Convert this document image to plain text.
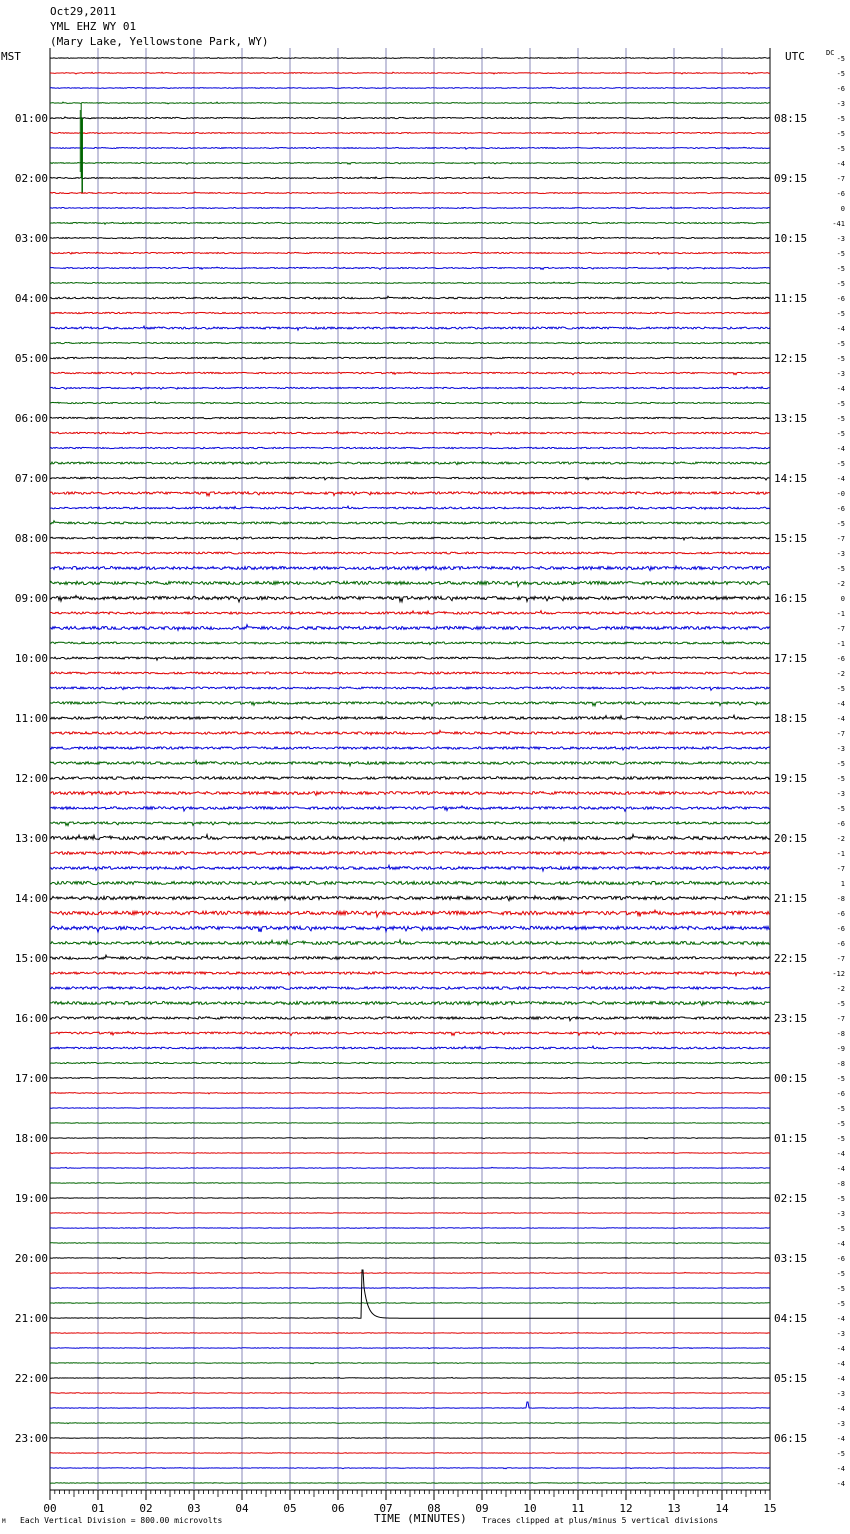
Oct29,2011
YML EHZ WY 01
(Mary Lake, Yellowstone Park, WY)
MST	UTC	DC
00	01	02	03	04	05	06	07	08	09	10	11	12	13	14	15
01:00
02:00
03:00
04:00
05:00
06:00
07:00
08:00
09:00
10:00
11:00
12:00
13:00
14:00
15:00
16:00
17:00
18:00
19:00
20:00
21:00
22:00
23:00
08:15
09:15
10:15
11:15
12:15
13:15
14:15
15:15
16:15
17:15
18:15
19:15
20:15
21:15
22:15
23:15
00:15
01:15
02:15
03:15
04:15
05:15
06:15
-5
-5
-6
-3
-5
-5
-5
-4
-7
-6
0
-41
-3
-5
-5
-5
-6
-5
-4
-5
-5
-3
-4
-5
-5
-5
-4
-5
-4
-0
-6
-5
-7
-3
-5
-2
0
-1
-7
-1
-6
-2
-5
-4
-4
-7
-3
-5
-5
-3
-5
-6
-2
-1
-7
1
-8
-6
-6
-6
-7
-12
-2
-5
-7
-8
-9
-8
-5
-6
-5
-5
-5
-4
-4
-8
-5
-3
-5
-4
-6
-5
-5
-5
-4
-3
-4
-4
-4
-3
-4
-3
-4
-5
-4
-4
M Each Vertical Division = 800.00 microvolts	TIME (MINUTES) Traces clipped at plus/minus 5 vertical divisions
